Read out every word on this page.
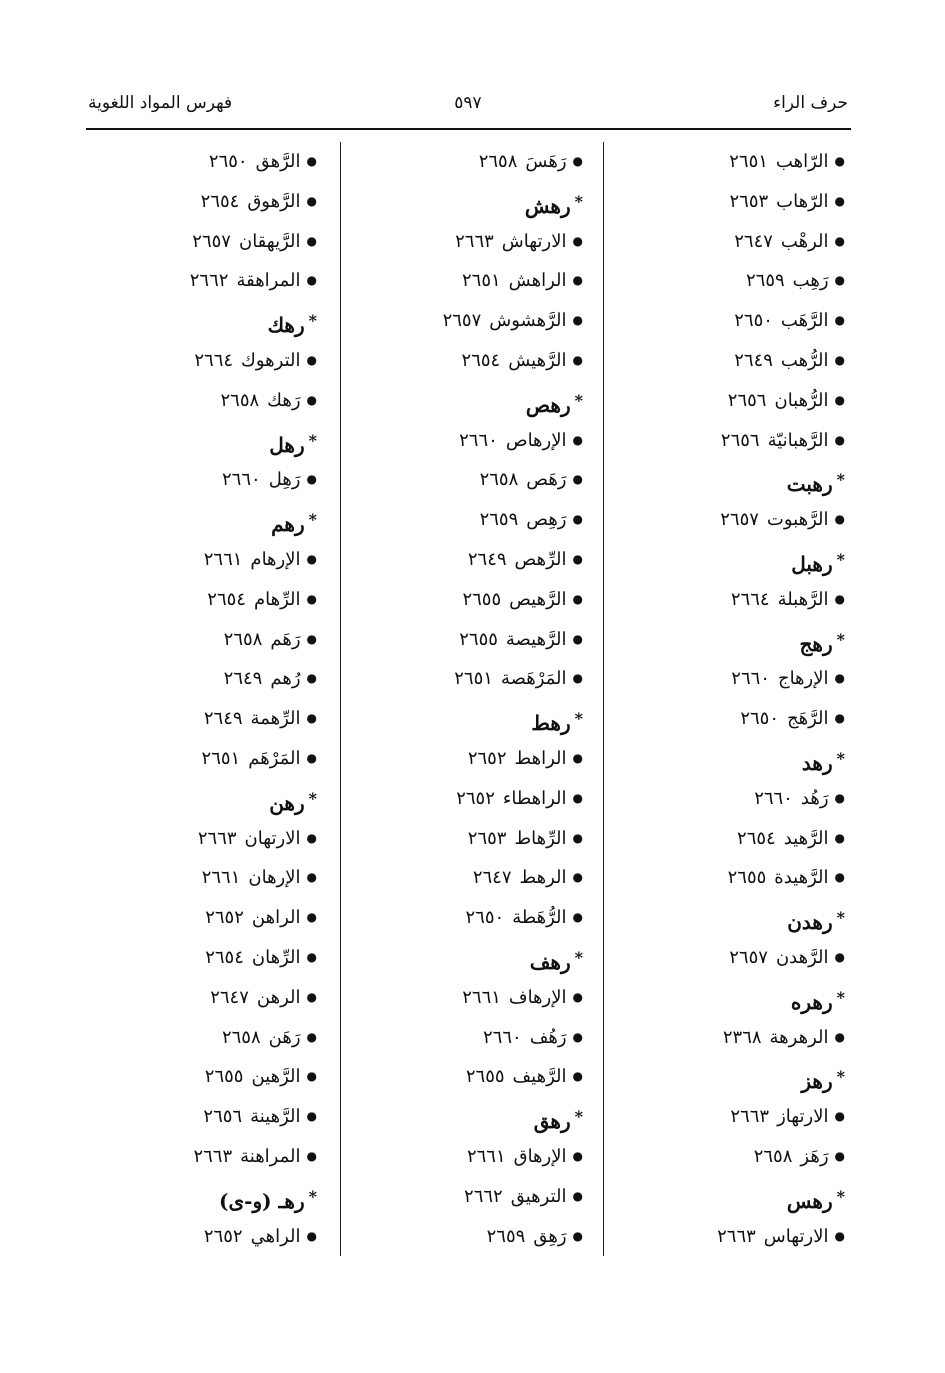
حرف الراء
٥٩٧
فهرس المواد اللغوية
●الرّاهب٢٦٥١
●الرّهاب٢٦٥٣
●الرهْب٢٦٤٧
●رَهِب٢٦٥٩
●الرَّهَب٢٦٥٠
●الرُّهب٢٦٤٩
●الرُّهبان٢٦٥٦
●الرَّهبانيّة٢٦٥٦
*رهبت
●الرَّهبوت٢٦٥٧
*رهبل
●الرَّهبلة٢٦٦٤
*رهج
●الإرهاج٢٦٦٠
●الرَّهَج٢٦٥٠
*رهد
●رَهُد٢٦٦٠
●الرَّهيد٢٦٥٤
●الرَّهيدة٢٦٥٥
*رهدن
●الرَّهدن٢٦٥٧
*رهره
●الرهرهة٢٣٦٨
*رهز
●الارتهاز٢٦٦٣
●رَهَز٢٦٥٨
*رهس
●الارتهاس٢٦٦٣
●رَهَسَ٢٦٥٨
*رهش
●الارتهاش٢٦٦٣
●الراهش٢٦٥١
●الرَّهشوش٢٦٥٧
●الرَّهيش٢٦٥٤
*رهص
●الإرهاص٢٦٦٠
●رَهَص٢٦٥٨
●رَهِص٢٦٥٩
●الرِّهص٢٦٤٩
●الرَّهيص٢٦٥٥
●الرَّهيصة٢٦٥٥
●المَرْهَصة٢٦٥١
*رهط
●الراهط٢٦٥٢
●الراهطاء٢٦٥٢
●الرِّهاط٢٦٥٣
●الرهط٢٦٤٧
●الرُّهَطة٢٦٥٠
*رهف
●الإرهاف٢٦٦١
●رَهُف٢٦٦٠
●الرَّهيف٢٦٥٥
*رهق
●الإرهاق٢٦٦١
●الترهيق٢٦٦٢
●رَهِق٢٦٥٩
●الرَّهق٢٦٥٠
●الرَّهوق٢٦٥٤
●الرَّيهقان٢٦٥٧
●المراهقة٢٦٦٢
*رهك
●الترهوك٢٦٦٤
●رَهك٢٦٥٨
*رهل
●رَهِل٢٦٦٠
*رهم
●الإرهام٢٦٦١
●الرِّهام٢٦٥٤
●رَهَم٢٦٥٨
●رُهم٢٦٤٩
●الرِّهمة٢٦٤٩
●المَرْهَم٢٦٥١
*رهن
●الارتهان٢٦٦٣
●الإرهان٢٦٦١
●الراهن٢٦٥٢
●الرِّهان٢٦٥٤
●الرهن٢٦٤٧
●رَهَن٢٦٥٨
●الرَّهين٢٦٥٥
●الرَّهينة٢٦٥٦
●المراهنة٢٦٦٣
*رهـ (و-ى)
●الراهي٢٦٥٢
